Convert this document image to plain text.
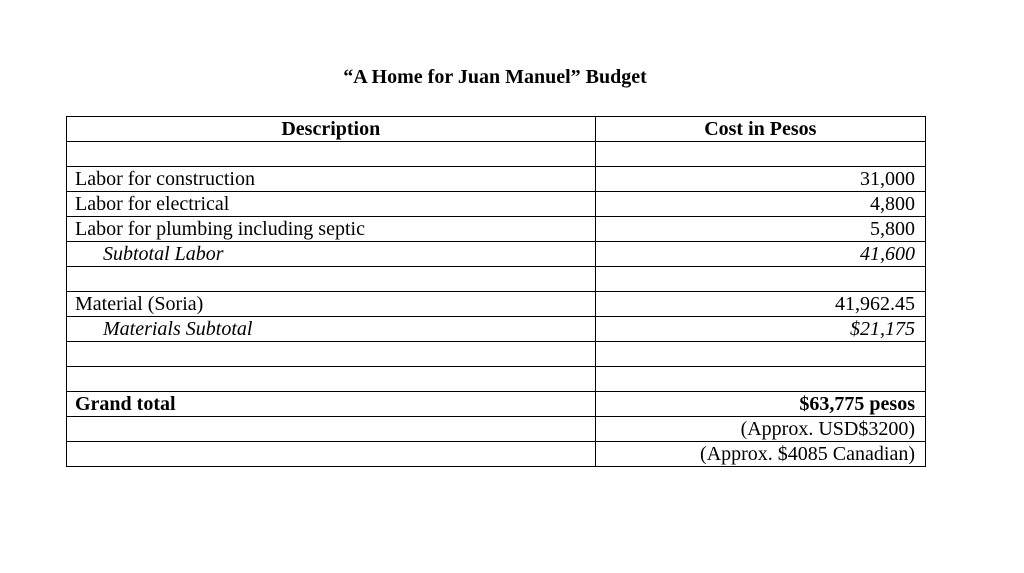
“A Home for Juan Manuel” Budget
Description	Cost in Pesos

Labor for construction	31,000
Labor for electrical	4,800
Labor for plumbing including septic	5,800
Subtotal Labor	41,600

Material (Soria)	41,962.45
Materials Subtotal	$21,175

Grand total	$63,775 pesos
	(Approx. USD$3200)
	(Approx. $4085 Canadian)
